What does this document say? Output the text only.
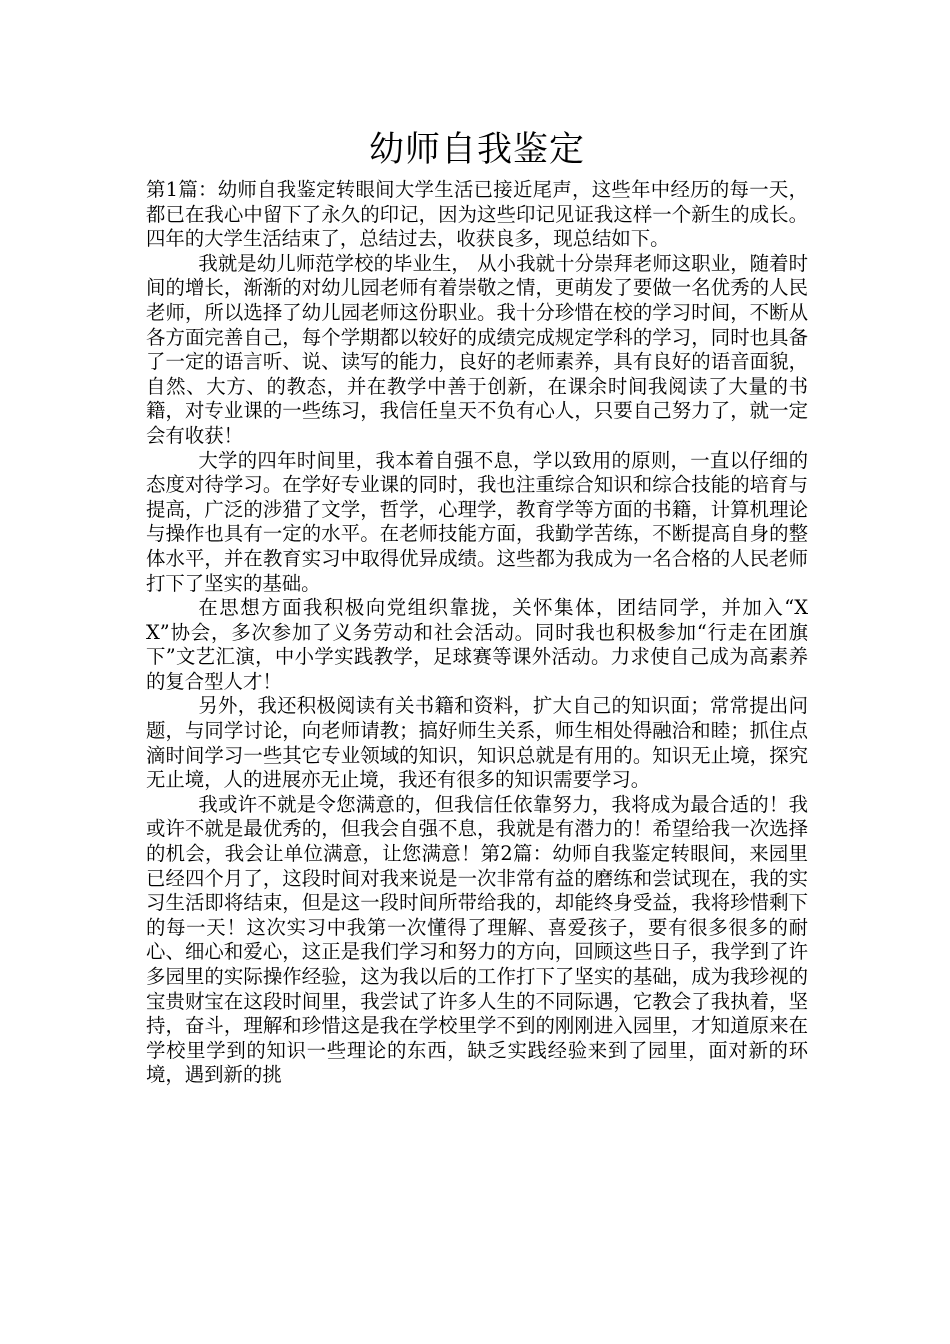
幼师自我鉴定

第1篇：幼师自我鉴定转眼间大学生活已接近尾声，这些年中经历的每一天，都已在我心中留下了永久的印记，因为这些印记见证我这样一个新生的成长。四年的大学生活结束了，总结过去，收获良多，现总结如下。

我就是幼儿师范学校的毕业生， 从小我就十分崇拜老师这职业，随着时间的增长，渐渐的对幼儿园老师有着崇敬之情，更萌发了要做一名优秀的人民老师，所以选择了幼儿园老师这份职业。我十分珍惜在校的学习时间，不断从各方面完善自己，每个学期都以较好的成绩完成规定学科的学习，同时也具备了一定的语言听、说、读写的能力，良好的老师素养，具有良好的语音面貌，自然、大方、的教态，并在教学中善于创新，在课余时间我阅读了大量的书籍，对专业课的一些练习，我信任皇天不负有心人，只要自己努力了，就一定会有收获！

大学的四年时间里，我本着自强不息，学以致用的原则，一直以仔细的态度对待学习。在学好专业课的同时，我也注重综合知识和综合技能的培育与提高，广泛的涉猎了文学，哲学，心理学，教育学等方面的书籍，计算机理论与操作也具有一定的水平。在老师技能方面，我勤学苦练，不断提高自身的整体水平，并在教育实习中取得优异成绩。这些都为我成为一名合格的人民老师打下了坚实的基础。

在思想方面我积极向党组织靠拢，关怀集体，团结同学，并加入“XX”协会，多次参加了义务劳动和社会活动。同时我也积极参加“行走在团旗下”文艺汇演，中小学实践教学，足球赛等课外活动。力求使自己成为高素养的复合型人才！

另外，我还积极阅读有关书籍和资料，扩大自己的知识面；常常提出问题，与同学讨论，向老师请教；搞好师生关系，师生相处得融洽和睦；抓住点滴时间学习一些其它专业领域的知识，知识总就是有用的。知识无止境，探究无止境，人的进展亦无止境，我还有很多的知识需要学习。

我或许不就是令您满意的，但我信任依靠努力，我将成为最合适的！我或许不就是最优秀的，但我会自强不息，我就是有潜力的！希望给我一次选择的机会，我会让单位满意，让您满意！第2篇：幼师自我鉴定转眼间，来园里已经四个月了，这段时间对我来说是一次非常有益的磨练和尝试现在，我的实习生活即将结束，但是这一段时间所带给我的，却能终身受益，我将珍惜剩下的每一天！这次实习中我第一次懂得了理解、喜爱孩子，要有很多很多的耐心、细心和爱心，这正是我们学习和努力的方向，回顾这些日子，我学到了许多园里的实际操作经验，这为我以后的工作打下了坚实的基础，成为我珍视的宝贵财宝在这段时间里，我尝试了许多人生的不同际遇，它教会了我执着，坚持，奋斗，理解和珍惜这是我在学校里学不到的刚刚进入园里，才知道原来在学校里学到的知识一些理论的东西，缺乏实践经验来到了园里，面对新的环境，遇到新的挑
